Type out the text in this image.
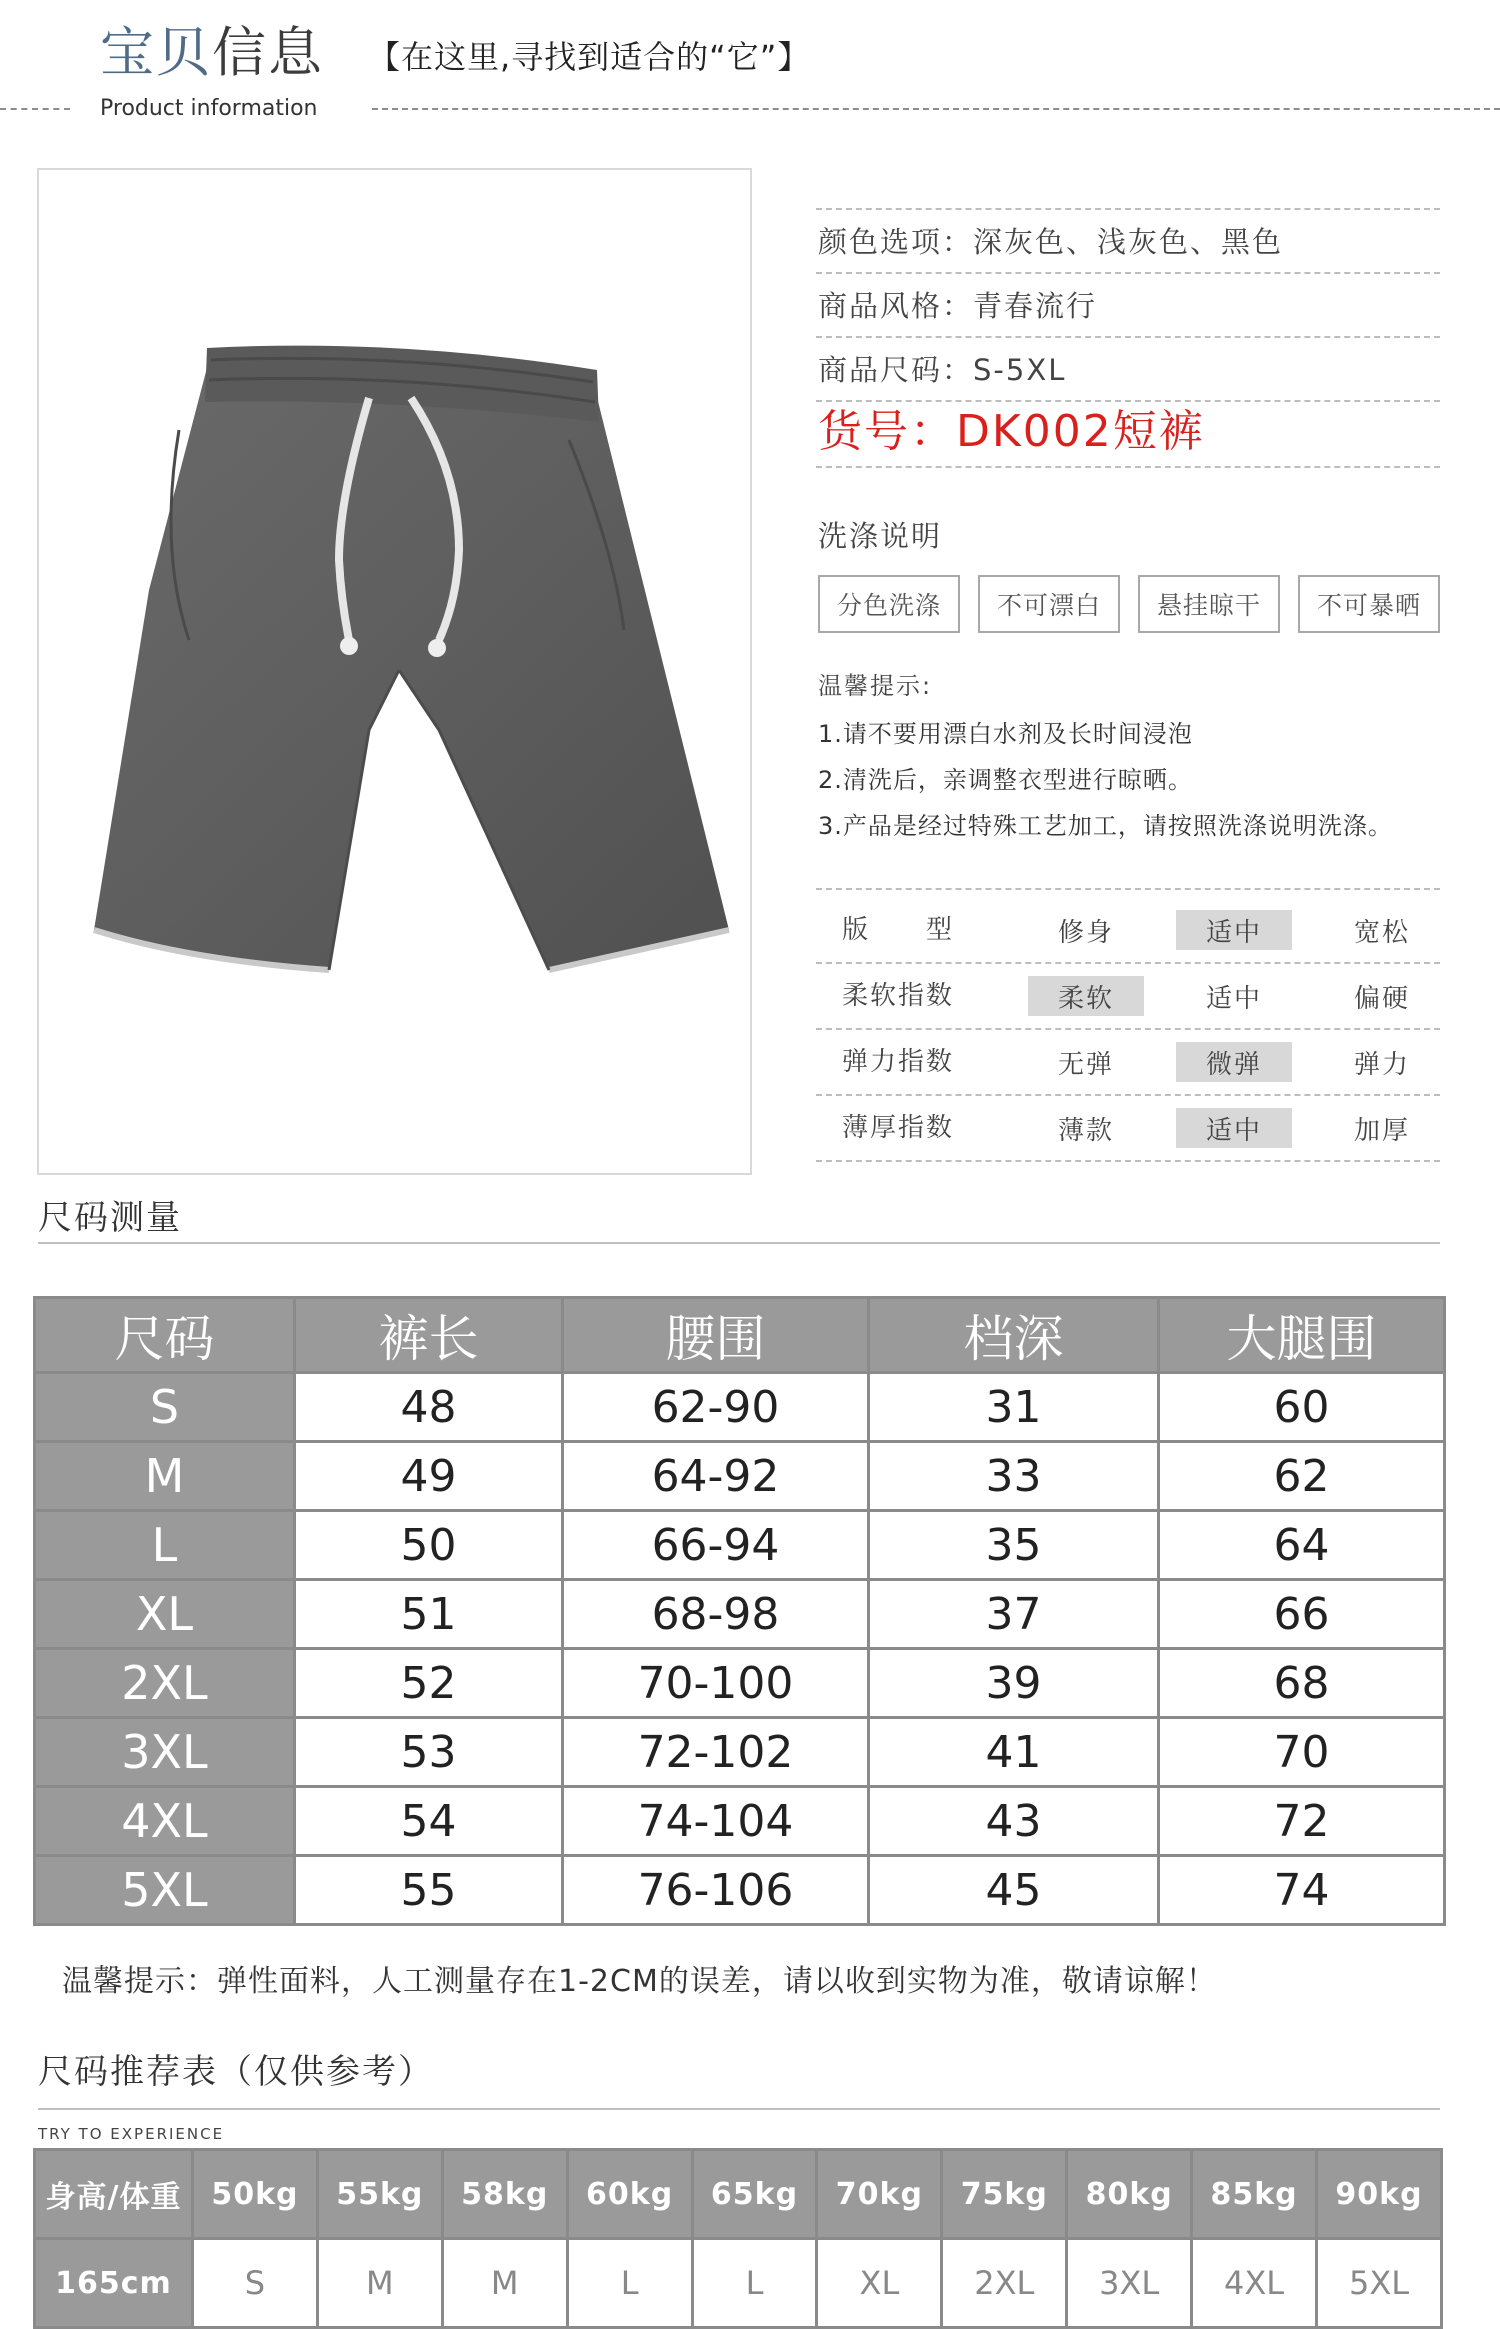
宝贝信息 【在这里,寻找到适合的“它”】
Product information
颜色选项：深灰色、浅灰色、黑色
商品风格：青春流行
商品尺码：S-5XL
货号：DK002短裤
洗涤说明
分色洗涤	不可漂白	悬挂晾干	不可暴晒
温馨提示:
1.请不要用漂白水剂及长时间浸泡
2.清洗后，亲调整衣型进行晾晒。
3.产品是经过特殊工艺加工，请按照洗涤说明洗涤。
版　　型	修身	适中	宽松
柔软指数	柔软	适中	偏硬
弹力指数	无弹	微弹	弹力
薄厚指数	薄款	适中	加厚
尺码测量
尺码	裤长	腰围	档深	大腿围
S	48	62-90	31	60
M	49	64-92	33	62
L	50	66-94	35	64
XL	51	68-98	37	66
2XL	52	70-100	39	68
3XL	53	72-102	41	70
4XL	54	74-104	43	72
5XL	55	76-106	45	74
温馨提示：弹性面料，人工测量存在1-2CM的误差，请以收到实物为准，敬请谅解！
尺码推荐表（仅供参考）
TRY TO EXPERIENCE
身高/体重	50kg	55kg	58kg	60kg	65kg	70kg	75kg	80kg	85kg	90kg
165cm	S	M	M	L	L	XL	2XL	3XL	4XL	5XL
